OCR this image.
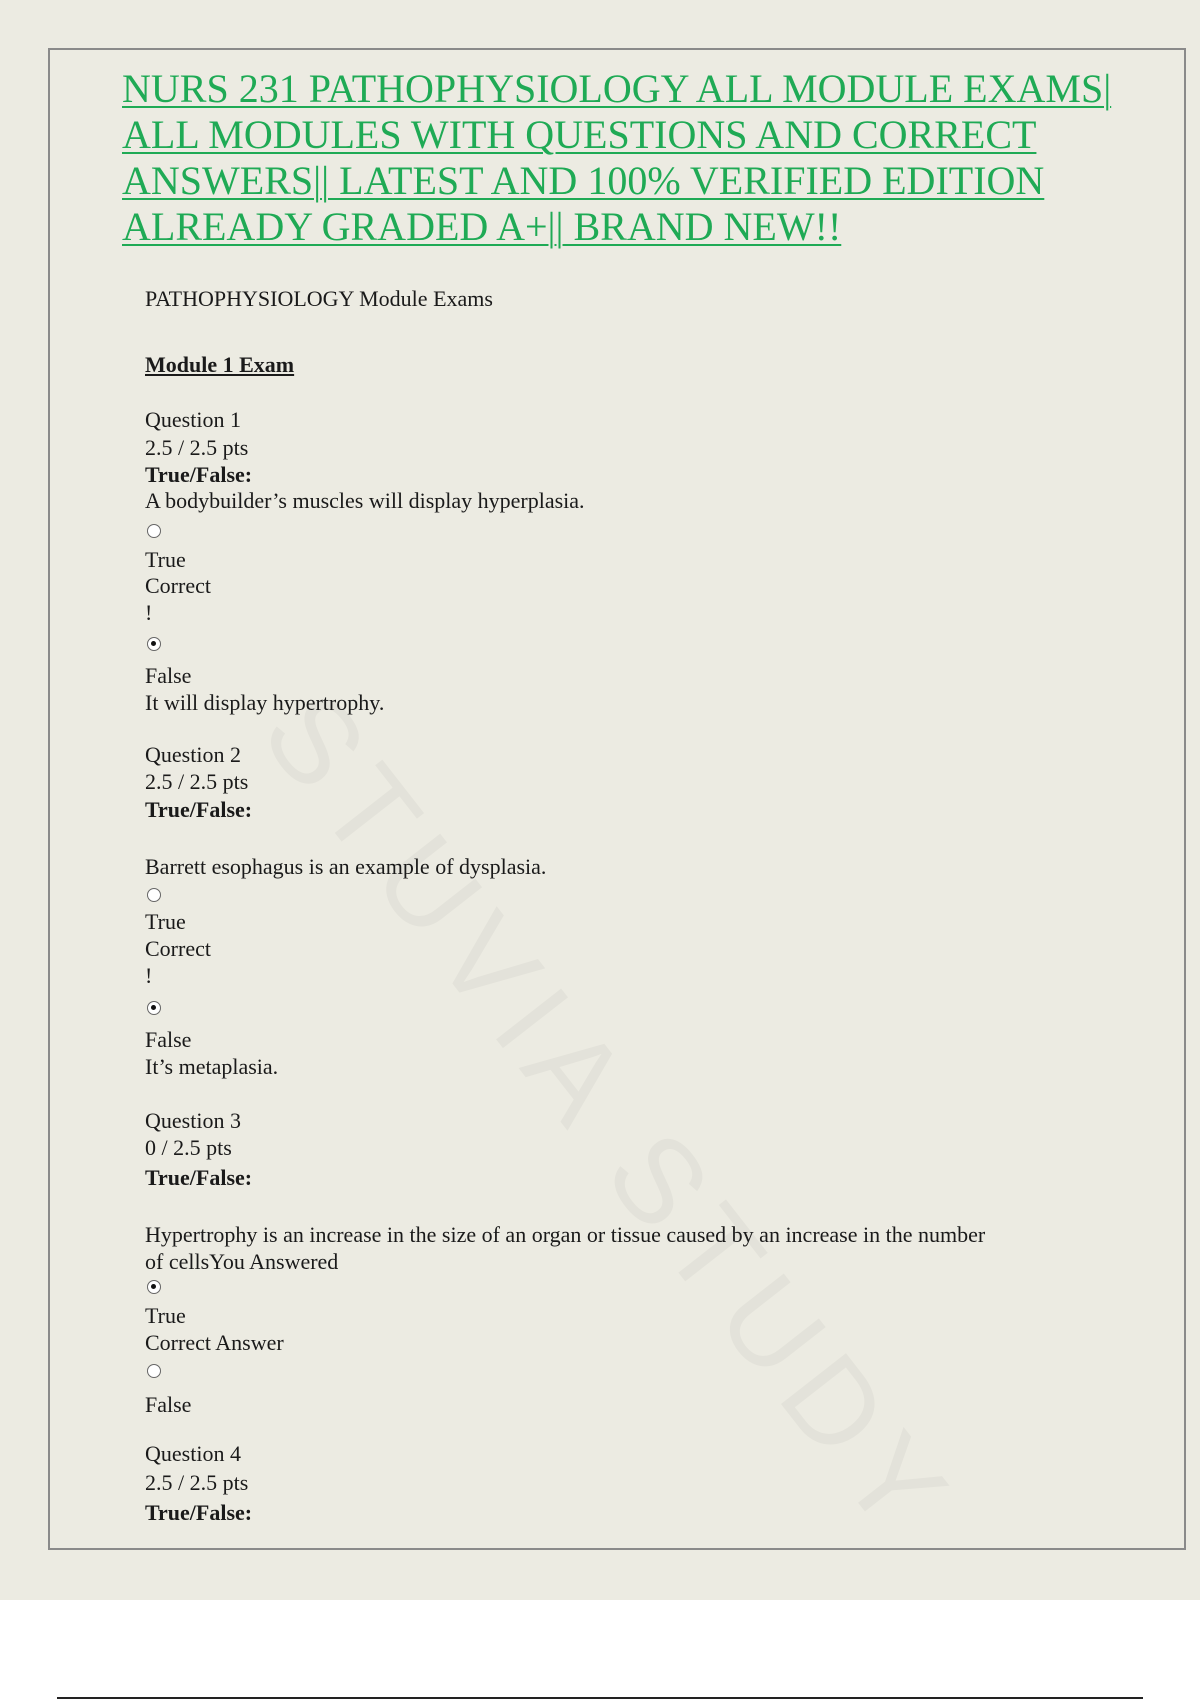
NURS 231 PATHOPHYSIOLOGY ALL MODULE EXAMS|
ALL MODULES WITH QUESTIONS AND CORRECT
ANSWERS|| LATEST AND 100% VERIFIED EDITION
ALREADY GRADED A+|| BRAND NEW!!
PATHOPHYSIOLOGY Module Exams
Module 1 Exam
Question 1
2.5 / 2.5 pts
True/False:
A bodybuilder’s muscles will display hyperplasia.
True
Correct
!
False
It will display hypertrophy.
Question 2
2.5 / 2.5 pts
True/False:
Barrett esophagus is an example of dysplasia.
True
Correct
!
False
It’s metaplasia.
Question 3
0 / 2.5 pts
True/False:
Hypertrophy is an increase in the size of an organ or tissue caused by an increase in the number
of cellsYou Answered
True
Correct Answer
False
Question 4
2.5 / 2.5 pts
True/False:
